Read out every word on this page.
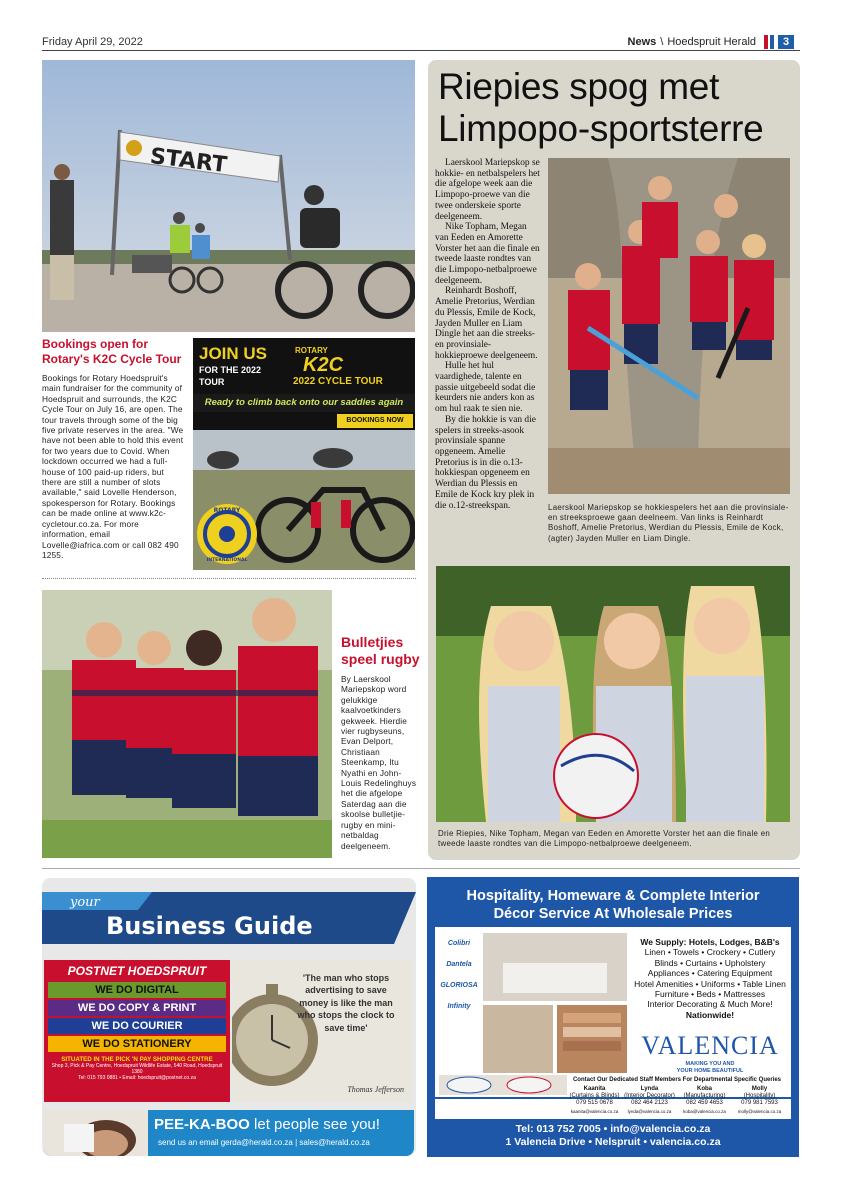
Friday April 29, 2022	News \ Hoedspruit Herald	3
START
Bookings open for
Rotary's K2C Cycle Tour
Bookings for Rotary Hoedspruit's main fundraiser for the community of Hoedspruit and surrounds, the K2C Cycle Tour on July 16, are open. The tour travels through some of the big five private reserves in the area. "We have not been able to hold this event for two years due to Covid. When lockdown occurred we had a full-house of 100 paid-up riders, but there are still a number of slots available," said Lovelle Henderson, spokesperson for Rotary. Bookings can be made online at www.k2c-cycletour.co.za. For more information, email Lovelle@iafrica.com or call 082 490 1255.
JOIN US
FOR THE 2022
TOUR
ROTARY
K2C
2022 CYCLE TOUR
Ready to climb back onto our saddies again
BOOKINGS NOW
ROTARY
INTERNATIONAL
Bulletjies
speel rugby
By Laerskool Mariepskop word gelukkige kaalvoetkinders gekweek. Hierdie vier rugbyseuns, Evan Delport, Christiaan Steenkamp, Itu Nyathi en John-Louis Redelinghuys het die afgelope Saterdag aan die skoolse bulletjie-rugby en mini-netbaldag deelgeneem.
Riepies spog met
Limpopo-sportsterre

Laerskool Mariepskop se hokkie- en netbalspelers het die afgelope week aan die Limpopo-proewe van die twee onderskeie sporte deelgeneem.

Nike Topham, Megan van Eeden en Amorette Vorster het aan die finale en tweede laaste rondtes van die Limpopo-netbalproewe deelgeneem.

Reinhardt Boshoff, Amelie Pretorius, Werdian du Plessis, Emile de Kock, Jayden Muller en Liam Dingle het aan die streeks- en provinsiale-hokkieproewe deelgeneem.

Hulle het hul vaardighede, talente en passie uitgebeeld sodat die keurders nie anders kon as om hul raak te sien nie.

By die hokkie is van die spelers in streeks-asook provinsiale spanne opgeneem. Amelie Pretorius is in die o.13-hokkiespan opgeneem en Werdian du Plessis en Emile de Kock kry plek in die o.12-streekspan.	Laerskool Mariepskop se hokkiespelers het aan die provinsiale- en streeksproewe gaan deelneem. Van links is Reinhardt Boshoff, Amelie Pretorius, Werdian du Plessis, Emile de Kock, (agter) Jayden Muller en Liam Dingle.
Drie Riepies, Nike Topham, Megan van Eeden en Amorette Vorster het aan die finale en tweede laaste rondtes van die Limpopo-netbalproewe deelgeneem.
your
Business Guide
POSTNET HOEDSPRUIT
WE DO DIGITAL
WE DO COPY & PRINT
WE DO COURIER
WE DO STATIONERY
SITUATED IN THE PICK 'N PAY SHOPPING CENTRE
Shop 3, Pick & Pay Centre, Hoedspruit Wildlife Estate, 540 Road, Hoedspruit 1380
Tel: 015 793 0881 • Email: hoedspruit@postnet.co.za
'The man who stops advertising to save money is like the man who stops the clock to save time'
Thomas Jefferson
PEE-KA-BOO let people see you!
send us an email gerda@herald.co.za | sales@herald.co.za
Hospitality, Homeware & Complete Interior
Décor Service At Wholesale Prices
Colibri
Dantela
GLORIOSA
Infinity
We Supply: Hotels, Lodges, B&B's
Linen • Towels • Crockery • Cutlery
Blinds • Curtains • Upholstery
Appliances • Catering Equipment
Hotel Amenities • Uniforms • Table Linen
Furniture • Beds • Mattresses
Interior Decorating & Much More!
Nationwide!
VALENCIA
MAKING YOU AND
YOUR HOME BEAUTIFUL
Contact Our Dedicated Staff Members For Departmental Specific Queries
Kaanita
(Curtains & Blinds)
079 515 0678
kaanita@valencia.co.za
Lynda
(Interior Decorator)
082 464 2123
lynda@valencia.co.za
Koba
(Manufacturing)
082 459 4653
koba@valencia.co.za
Molly
(Hospitality)
079 981 7593
molly@valencia.co.za
Tel: 013 752 7005 • info@valencia.co.za
1 Valencia Drive • Nelspruit • valencia.co.za
